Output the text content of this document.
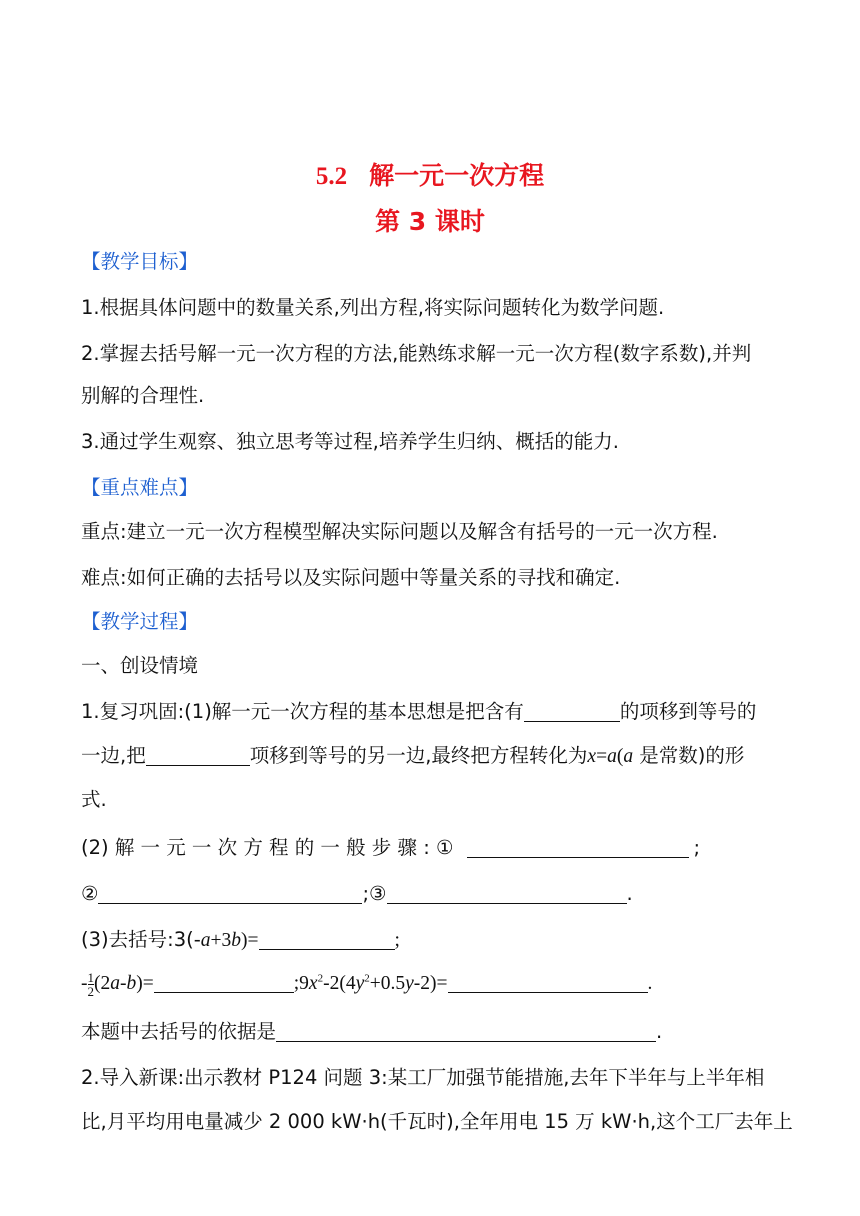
5.2 解一元一次方程
第 3 课时
【教学目标】
1.根据具体问题中的数量关系,列出方程,将实际问题转化为数学问题.
2.掌握去括号解一元一次方程的方法,能熟练求解一元一次方程(数字系数),并判
别解的合理性.
3.通过学生观察、独立思考等过程,培养学生归纳、概括的能力.
【重点难点】
重点:建立一元一次方程模型解决实际问题以及解含有括号的一元一次方程.
难点:如何正确的去括号以及实际问题中等量关系的寻找和确定.
【教学过程】
一、创设情境
1.复习巩固:(1)解一元一次方程的基本思想是把含有	的项移到等号的
一边,把	项移到等号的另一边,最终把方程转化为x=a(a 是常数)的形
式.
(2) 解 一 元 一 次 方 程 的 一 般 步 骤 : ①	;
②	;③	.
(3)去括号:3(-a+3b)=	;
- $\frac{1}{2} (2a-b)=$	$;9x^2-2(4y^2+0.5y-2)=$	.
本题中去括号的依据是	.
2.导入新课:出示教材 P124 问题 3:某工厂加强节能措施,去年下半年与上半年相
比,月平均用电量减少 2 000 kW·h(千瓦时),全年用电 15 万 kW·h,这个工厂去年上
